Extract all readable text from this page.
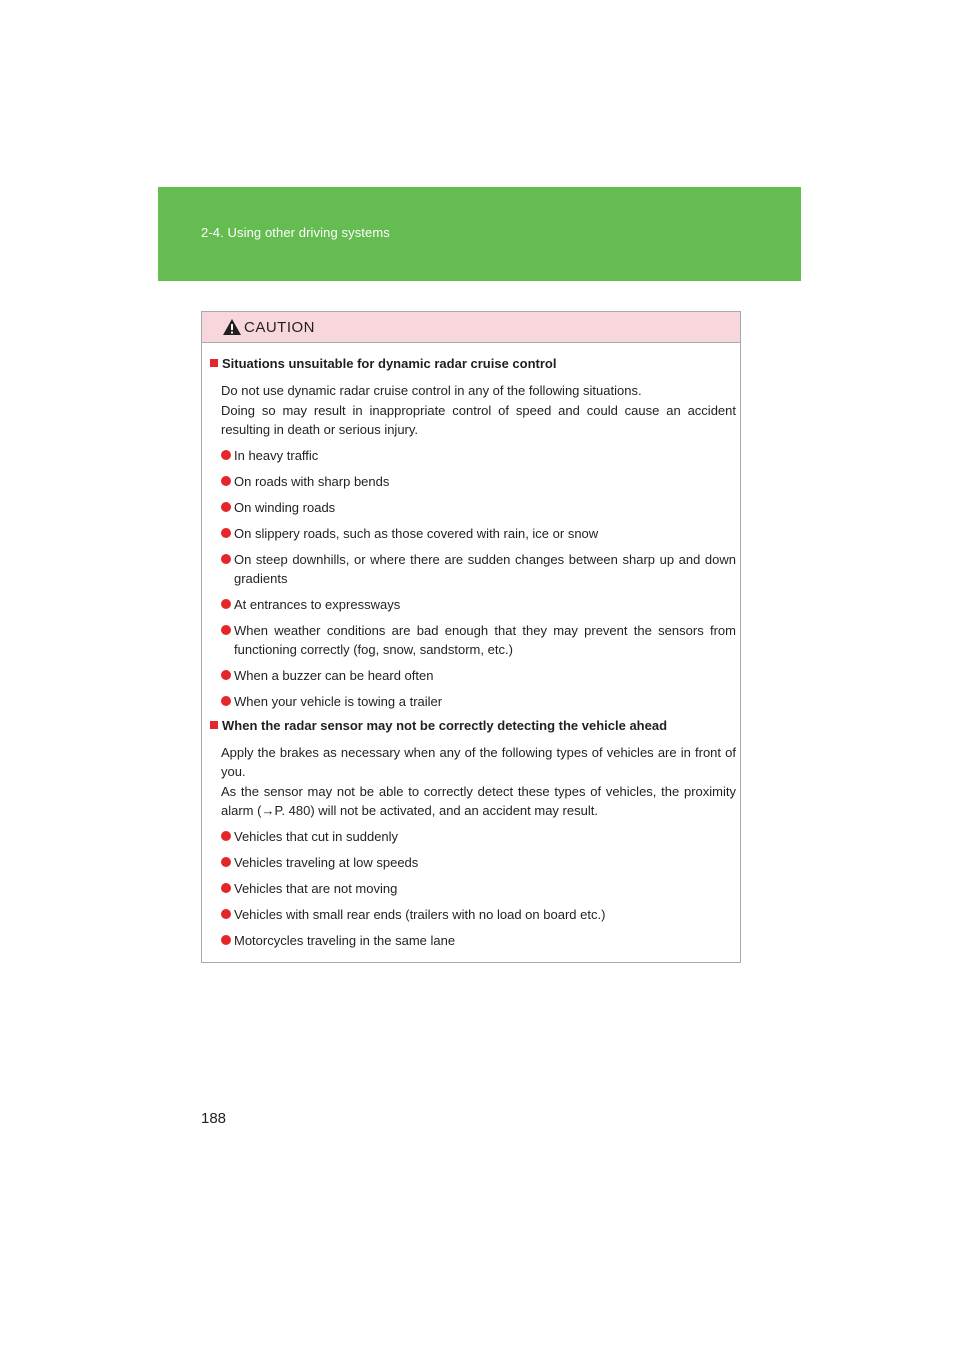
2-4. Using other driving systems
CAUTION
Situations unsuitable for dynamic radar cruise control
Do not use dynamic radar cruise control in any of the following situations.
Doing so may result in inappropriate control of speed and could cause an accident resulting in death or serious injury.
In heavy traffic
On roads with sharp bends
On winding roads
On slippery roads, such as those covered with rain, ice or snow
On steep downhills, or where there are sudden changes between sharp up and down gradients
At entrances to expressways
When weather conditions are bad enough that they may prevent the sensors from functioning correctly (fog, snow, sandstorm, etc.)
When a buzzer can be heard often
When your vehicle is towing a trailer
When the radar sensor may not be correctly detecting the vehicle ahead
Apply the brakes as necessary when any of the following types of vehicles are in front of you.
As the sensor may not be able to correctly detect these types of vehicles, the proximity alarm (→P. 480) will not be activated, and an accident may result.
Vehicles that cut in suddenly
Vehicles traveling at low speeds
Vehicles that are not moving
Vehicles with small rear ends (trailers with no load on board etc.)
Motorcycles traveling in the same lane
188
